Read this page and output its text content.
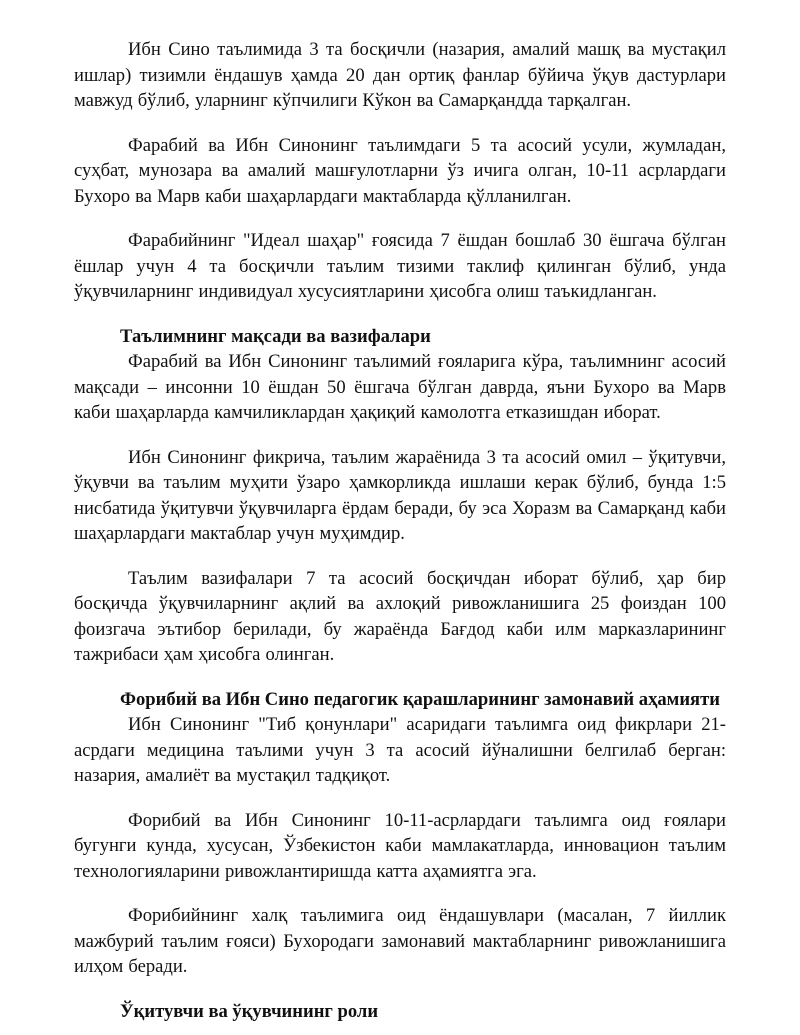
Ибн Сино таълимида 3 та босқичли (назария, амалий машқ ва мустақил ишлар) тизимли ёндашув ҳамда 20 дан ортиқ фанлар бўйича ўқув дастурлари мавжуд бўлиб, уларнинг кўпчилиги Кўкон ва Самарқандда тарқалган.

Фарабий ва Ибн Синонинг таълимдаги 5 та асосий усули, жумладан, суҳбат, мунозара ва амалий машғулотларни ўз ичига олган, 10-11 асрлардаги Бухоро ва Марв каби шаҳарлардаги мактабларда қўлланилган.

Фарабийнинг "Идеал шаҳар" ғоясида 7 ёшдан бошлаб 30 ёшгача бўлган ёшлар учун 4 та босқичли таълим тизими таклиф қилинган бўлиб, унда ўқувчиларнинг индивидуал хусусиятларини ҳисобга олиш таъкидланган.

Таълимнинг мақсади ва вазифалари

Фарабий ва Ибн Синонинг таълимий ғояларига кўра, таълимнинг асосий мақсади – инсонни 10 ёшдан 50 ёшгача бўлган даврда, яъни Бухоро ва Марв каби шаҳарларда камчиликлардан ҳақиқий камолотга етказишдан иборат.

Ибн Синонинг фикрича, таълим жараёнида 3 та асосий омил – ўқитувчи, ўқувчи ва таълим муҳити ўзаро ҳамкорликда ишлаши керак бўлиб, бунда 1:5 нисбатида ўқитувчи ўқувчиларга ёрдам беради, бу эса Хоразм ва Самарқанд каби шаҳарлардаги мактаблар учун муҳимдир.

Таълим вазифалари 7 та асосий босқичдан иборат бўлиб, ҳар бир босқичда ўқувчиларнинг ақлий ва ахлоқий ривожланишига 25 фоиздан 100 фоизгача эътибор берилади, бу жараёнда Бағдод каби илм марказларининг тажрибаси ҳам ҳисобга олинган.

Форибий ва Ибн Сино педагогик қарашларининг замонавий аҳамияти

Ибн Синонинг "Тиб қонунлари" асаридаги таълимга оид фикрлари 21-асрдаги медицина таълими учун 3 та асосий йўналишни белгилаб берган: назария, амалиёт ва мустақил тадқиқот.

Форибий ва Ибн Синонинг 10-11-асрлардаги таълимга оид ғоялари бугунги кунда, хусусан, Ўзбекистон каби мамлакатларда, инновацион таълим технологияларини ривожлантиришда катта аҳамиятга эга.

Форибийнинг халқ таълимига оид ёндашувлари (масалан, 7 йиллик мажбурий таълим ғояси) Бухородаги замонавий мактабларнинг ривожланишига илҳом беради.

Ўқитувчи ва ўқувчининг роли
